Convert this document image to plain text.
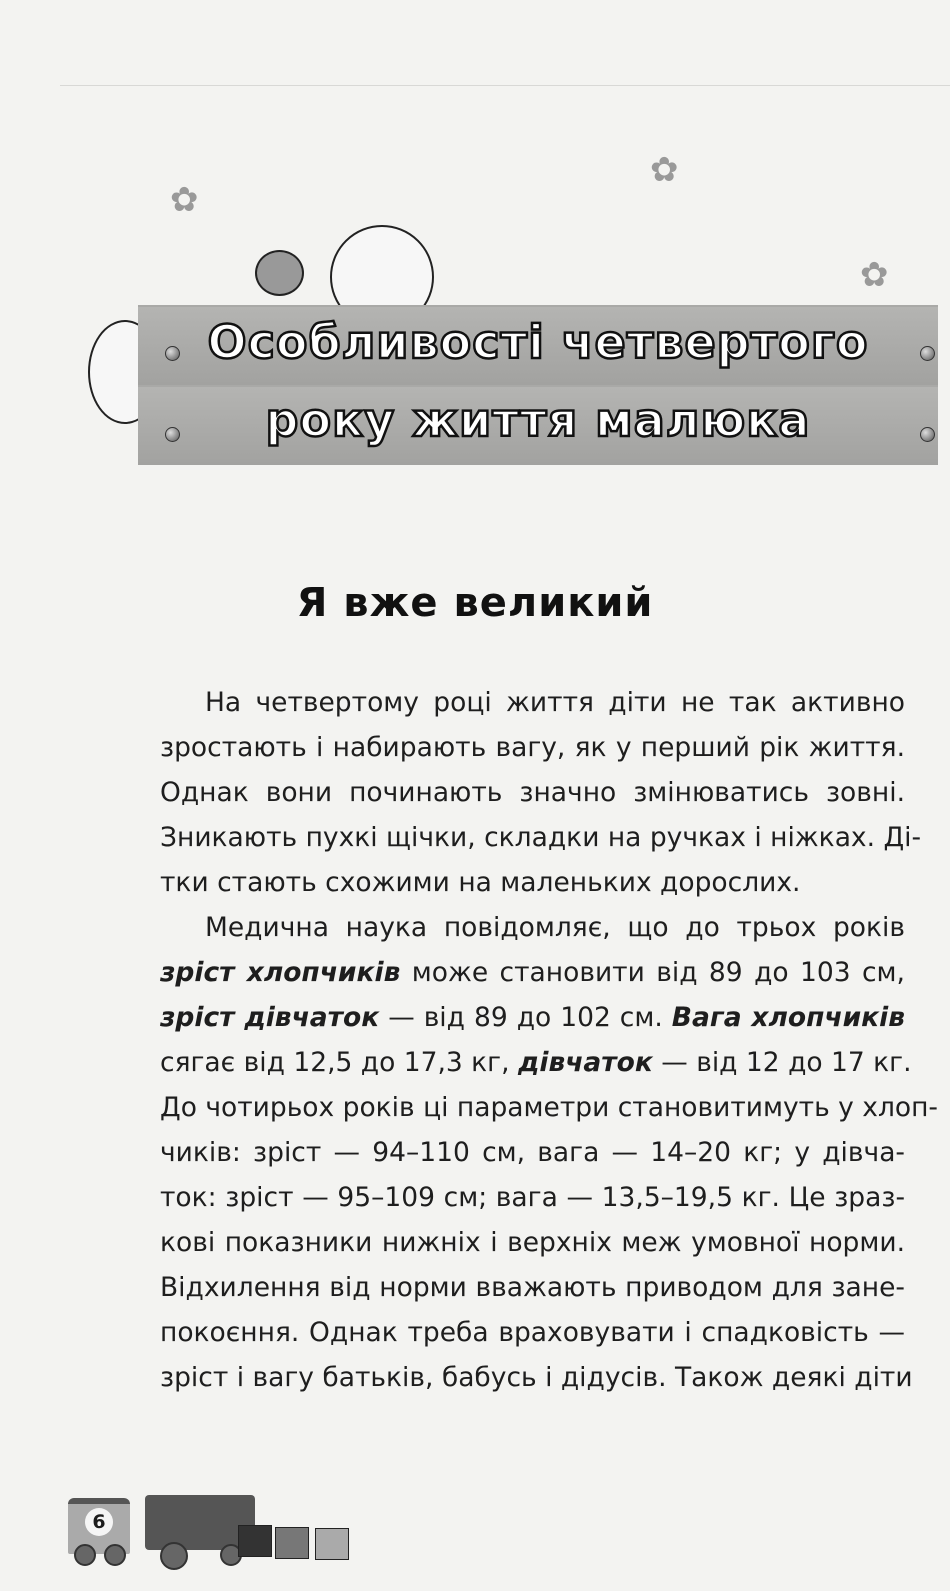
✿
✿
✿
Особливості четвертого
року життя малюка
Я вже великий
На четвертому році життя діти не так активно
зростають і набирають вагу, як у перший рік життя.
Однак вони починають значно змінюватись зовні.
Зникають пухкі щічки, складки на ручках і ніжках. Ді-
тки стають схожими на маленьких дорослих.
Медична наука повідомляє, що до трьох років
зріст хлопчиків може становити від 89 до 103 см,
зріст дівчаток — від 89 до 102 см. Вага хлопчиків
сягає від 12,5 до 17,3 кг, дівчаток — від 12 до 17 кг.
До чотирьох років ці параметри становитимуть у хлоп-
чиків: зріст — 94–110 см, вага — 14–20 кг; у дівча-
ток: зріст — 95–109 см; вага — 13,5–19,5 кг. Це зраз-
кові показники нижніх і верхніх меж умовної норми.
Відхилення від норми вважають приводом для зане-
покоєння. Однак треба враховувати і спадковість —
зріст і вагу батьків, бабусь і дідусів. Також деякі діти
6
